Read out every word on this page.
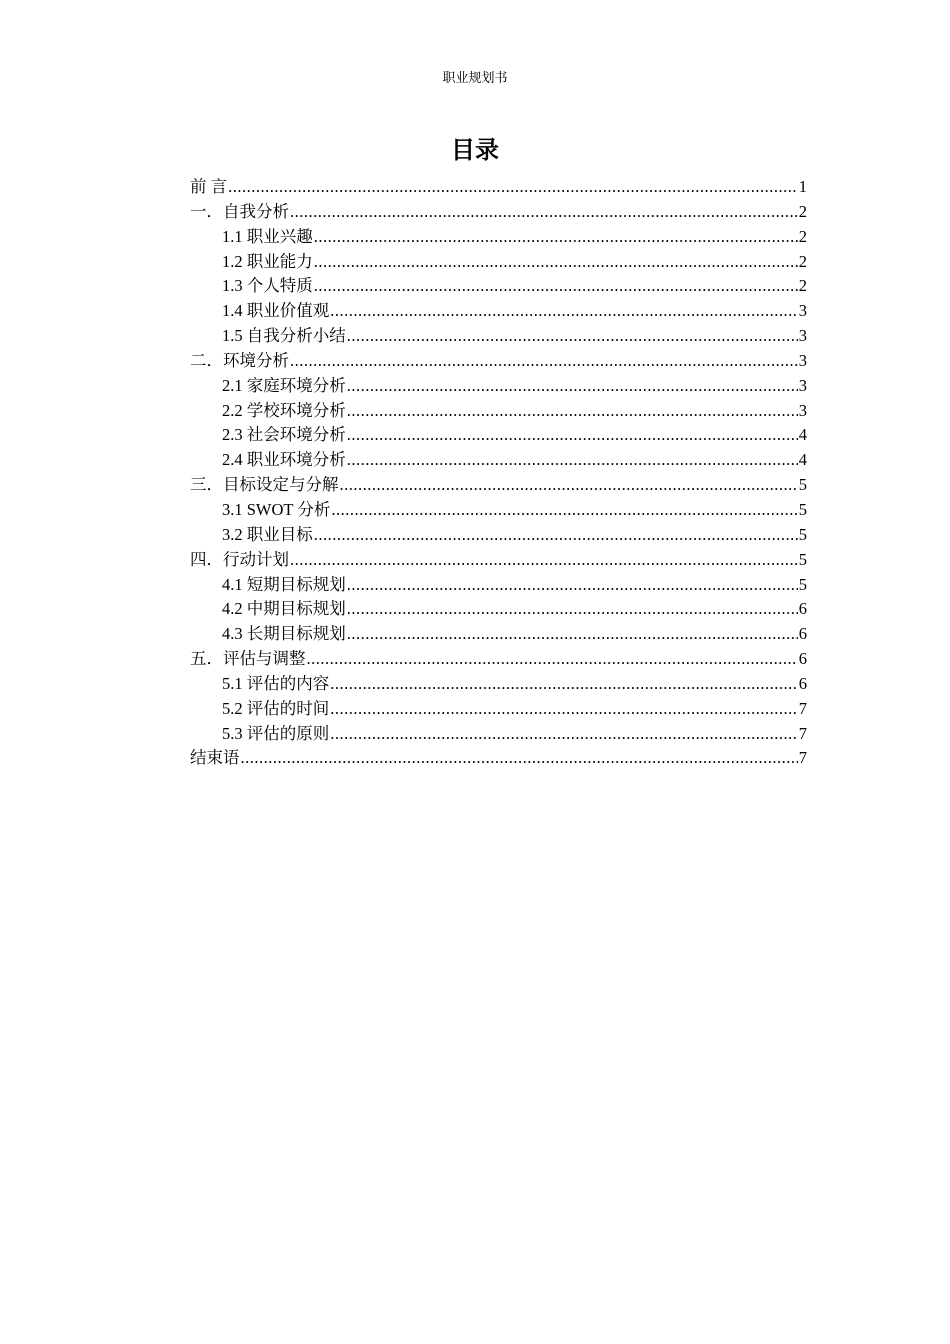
职业规划书
目录
前 言 .....	1
一．自我分析 .....	2
1.1 职业兴趣 .....	2
1.2 职业能力 .....	2
1.3 个人特质 .....	2
1.4 职业价值观 .....	3
1.5 自我分析小结 .....	3
二．环境分析 .....	3
2.1 家庭环境分析 .....	3
2.2 学校环境分析 .....	3
2.3 社会环境分析 .....	4
2.4 职业环境分析 .....	4
三．目标设定与分解 .....	5
3.1 SWOT 分析 .....	5
3.2 职业目标 .....	5
四．行动计划 .....	5
4.1 短期目标规划 .....	5
4.2 中期目标规划 .....	6
4.3 长期目标规划 .....	6
五．评估与调整 .....	6
5.1 评估的内容 .....	6
5.2 评估的时间 .....	7
5.3 评估的原则 .....	7
结束语 .....	7
